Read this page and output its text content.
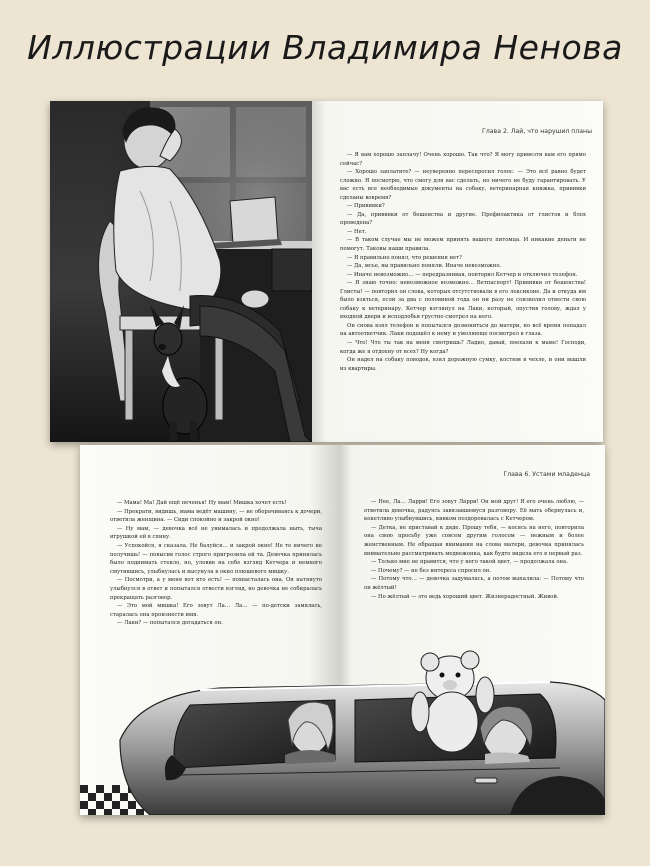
Иллюстрации Владимира Ненова
Глава 2. Лай, что нарушил планы

— Я вам хорошо заплачу! Очень хорошо. Так что? Я могу привезти вам его прямо сейчас?

— Хорошо заплатите? — неуверенно переспросил голос. — Это всё равно будет сложно. Я посмотрю, что смогу для вас сделать, но ничего не буду гарантировать. У вас есть все необходимые документы на собаку, ветеринарная книжка, прививки сделаны вовремя?

— Прививки?

— Да, прививки от бешенства и другие. Профилактика от глистов и блох проведена?

— Нет.

— В таком случае мы не можем принять вашего питомца. И никакие деньги не помогут. Таковы наши правила.

— Я правильно понял, что решения нет?

— Да, мсье, вы правильно поняли. Иначе невозможно.

— Иначе невозможно… — передразнивая, повторил Кетчер и отключил телефон.

— Я знаю точно: невозможное возможно… Ветпаспорт! Прививки от бешенства! Глисты! — повторил он слова, которых отсутствовали в его лексиконе. Да и откуда им было взяться, если за два с половиной года он ни разу не соизволил отвести свою собаку к ветеринару. Кетчер взглянул на Лаки, который, опустив голову, ждал у входной двери и исподлобья грустно смотрел на него.

Он снова взял телефон и попытался дозвониться до матери, но всё время попадал на автоответчик. Лаки подошёл к нему и умоляюще посмотрел в глаза.

— Что! Что ты так на меня смотришь? Ладно, давай, поехали к маме! Господи, когда же я отдохну от всех? Ну когда?

Он надел на собаку поводок, взял дорожную сумку, костюм в чехле, и они вышли из квартиры.

— Мама! Ма! Дай ещё печенья! Ну мам! Мишка хочет есть!

— Прекрати, видишь, мама ведёт машину, — не оборачиваясь к дочери, ответила женщина. — Сиди спокойно и закрой окно!

— Ну мам, — девочка всё не унималась и продолжала ныть, тыча игрушкой ей в спину.

— Успокойся, я сказала. Не балуйся… и закрой окно! Не то ничего не получишь! — повысив голос строго пригрозила ей та. Девочка принялась было поднимать стекло, но, уловив на себе взгляд Кетчера и немного смутившись, улыбнулась и высунула в окно плюшевого мишку.

— Посмотри, а у меня вот кто есть! — похвасталась она. Он натянуто улыбнулся в ответ и попытался отвести взгляд, но девочка не собиралась прекращать разговор.

— Это мой мишка! Его зовут Ла… Ла… — по-детски замялась, старалась она произнести имя.

— Лаки? — попытался догадаться он.

Глава 6. Устами младенца

— Нее, Ла… Ларри! Его зовут Ларри! Он мой друг! Я его очень люблю, — ответила девочка, радуясь завязавшемуся разговору. Её мать обернулась и, кокетливо улыбнувшись, кивком поздоровалась с Кетчером.

— Детка, не приставай к дяде. Прошу тебя, — косясь на него, повторила она свою просьбу уже совсем другим голосом — нежным и более женственным. Не обращая внимания на слова матери, девочка принялась внимательно рассматривать медвежонка, как будто видела его в первый раз.

— Только мне не нравится, что у него такой цвет, — продолжала она.

— Почему? — не без интереса спросил он.

— Потому что… — девочка задумалась, а потом выпалила: — Потому что он жёлтый!

— Но жёлтый — это ведь хороший цвет. Жизнерадостный. Живой.
